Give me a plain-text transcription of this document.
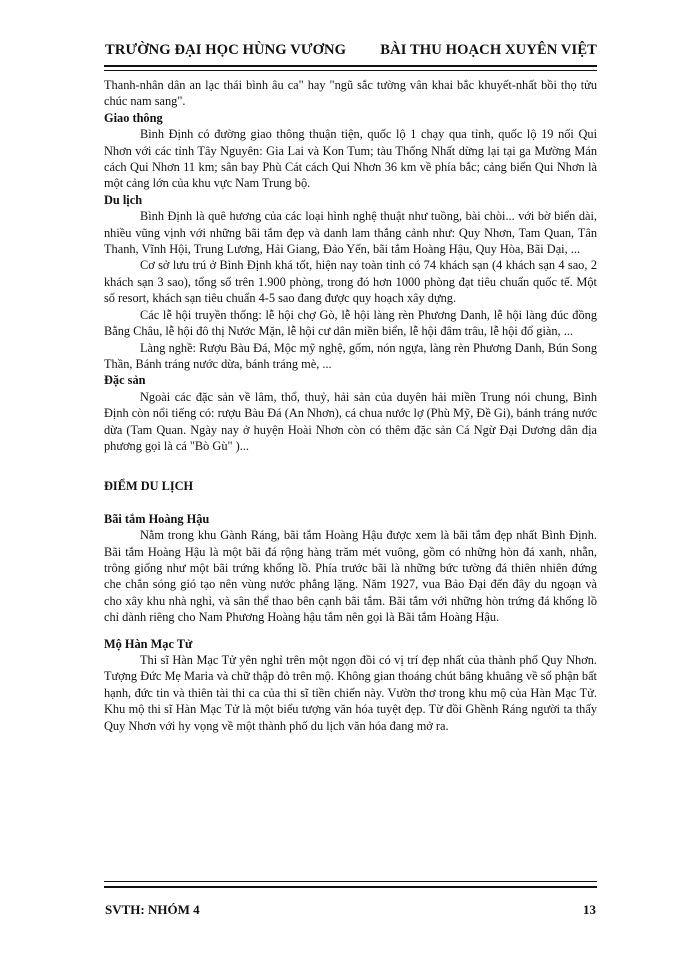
TRƯỜNG ĐẠI HỌC HÙNG VƯƠNG BÀI THU HOẠCH XUYÊN VIỆT

Thanh-nhân dân an lạc thái bình âu ca" hay "ngũ sắc tường vân khai bắc khuyết-nhất bồi thọ tửu chúc nam sang".

Giao thông

Bình Định có đường giao thông thuận tiện, quốc lộ 1 chạy qua tỉnh, quốc lộ 19 nối Qui Nhơn với các tỉnh Tây Nguyên: Gia Lai và Kon Tum; tàu Thống Nhất dừng lại tại ga Mường Mán cách Qui Nhơn 11 km; sân bay Phù Cát cách Qui Nhơn 36 km về phía bắc; cảng biển Qui Nhơn là một cảng lớn của khu vực Nam Trung bộ.

Du lịch

Bình Định là quê hương của các loại hình nghệ thuật như tuồng, bài chòi... với bờ biển dài, nhiều vũng vịnh với những bãi tắm đẹp và danh lam thắng cảnh như: Quy Nhơn, Tam Quan, Tân Thanh, Vĩnh Hội, Trung Lương, Hải Giang, Đảo Yến, bãi tắm Hoàng Hậu, Quy Hòa, Bãi Dại, ...

Cơ sở lưu trú ở Bình Định khá tốt, hiện nay toàn tỉnh có 74 khách sạn (4 khách sạn 4 sao, 2 khách sạn 3 sao), tổng số trên 1.900 phòng, trong đó hơn 1000 phòng đạt tiêu chuẩn quốc tế. Một số resort, khách sạn tiêu chuẩn 4-5 sao đang được quy hoạch xây dựng.

Các lễ hội truyền thống: lễ hội chợ Gò, lễ hội làng rèn Phương Danh, lễ hội làng đúc đồng Bằng Châu, lễ hội đô thị Nước Mặn, lễ hội cư dân miền biển, lễ hội đâm trâu, lễ hội đổ giàn, ...

Làng nghề: Rượu Bàu Đá, Mộc mỹ nghệ, gốm, nón ngựa, làng rèn Phương Danh, Bún Song Thần, Bánh tráng nước dừa, bánh tráng mè, ...

Đặc sản

Ngoài các đặc sản về lâm, thổ, thuỷ, hải sản của duyên hải miền Trung nói chung, Bình Định còn nổi tiếng có: rượu Bàu Đá (An Nhơn), cá chua nước lợ (Phù Mỹ, Đề Gi), bánh tráng nước dừa (Tam Quan. Ngày nay ở huyện Hoài Nhơn còn có thêm đặc sản Cá Ngừ Đại Dương dân địa phương gọi là cá "Bò Gù" )...

ĐIỂM DU LỊCH
Bãi tắm Hoàng Hậu

Nằm trong khu Gành Ráng, bãi tắm Hoàng Hậu được xem là bãi tắm đẹp nhất Bình Định. Bãi tắm Hoàng Hậu là một bãi đá rộng hàng trăm mét vuông, gồm có những hòn đá xanh, nhẵn, trông giống như một bãi trứng khổng lồ. Phía trước bãi là những bức tường đá thiên nhiên đứng che chắn sóng gió tạo nên vùng nước phẳng lặng. Năm 1927, vua Bảo Đại đến đây du ngoạn và cho xây khu nhà nghỉ, và sân thể thao bên cạnh bãi tắm. Bãi tắm với những hòn trứng đá khổng lồ chỉ dành riêng cho Nam Phương Hoàng hậu tắm nên gọi là Bãi tắm Hoàng Hậu.

Mộ Hàn Mạc Tử

Thi sĩ Hàn Mạc Tử yên nghỉ trên một ngọn đồi có vị trí đẹp nhất của thành phố Quy Nhơn. Tượng Đức Mẹ Maria và chữ thập đỏ trên mộ. Không gian thoáng chút bâng khuâng về số phận bất hạnh, đức tin và thiên tài thi ca của thi sĩ tiền chiến này. Vườn thơ trong khu mộ của Hàn Mạc Tử. Khu mộ thi sĩ Hàn Mạc Tử là một biểu tượng văn hóa tuyệt đẹp. Từ đồi Ghềnh Ráng người ta thấy Quy Nhơn với hy vọng về một thành phố du lịch văn hóa đang mở ra.

SVTH: NHÓM 4	13
